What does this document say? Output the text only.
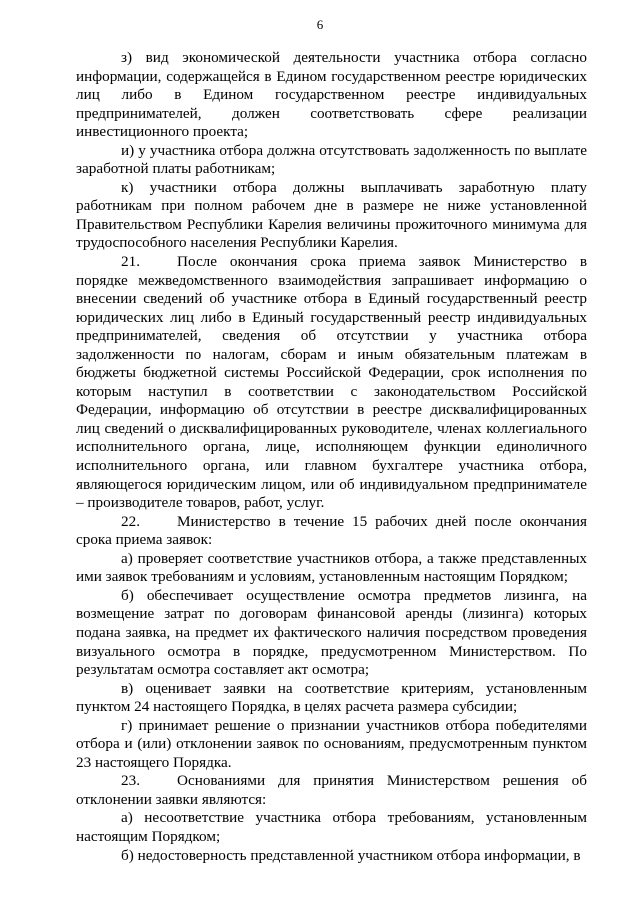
6

з) вид экономической деятельности участника отбора согласно информации, содержащейся в Едином государственном реестре юридических лиц либо в Едином государственном реестре индивидуальных предпринимателей, должен соответствовать сфере реализации инвестиционного проекта;

и) у участника отбора должна отсутствовать задолженность по выплате заработной платы работникам;

к) участники отбора должны выплачивать заработную плату работникам при полном рабочем дне в размере не ниже установленной Правительством Республики Карелия величины прожиточного минимума для трудоспособного населения Республики Карелия.

21. После окончания срока приема заявок Министерство в порядке межведомственного взаимодействия запрашивает информацию о внесении сведений об участнике отбора в Единый государственный реестр юридических лиц либо в Единый государственный реестр индивидуальных предпринимателей, сведения об отсутствии у участника отбора задолженности по налогам, сборам и иным обязательным платежам в бюджеты бюджетной системы Российской Федерации, срок исполнения по которым наступил в соответствии с законодательством Российской Федерации, информацию об отсутствии в реестре дисквалифицированных лиц сведений о дисквалифицированных руководителе, членах коллегиального исполнительного органа, лице, исполняющем функции единоличного исполнительного органа, или главном бухгалтере участника отбора, являющегося юридическим лицом, или об индивидуальном предпринимателе – производителе товаров, работ, услуг.

22. Министерство в течение 15 рабочих дней после окончания срока приема заявок:

а) проверяет соответствие участников отбора, а также представленных ими заявок требованиям и условиям, установленным настоящим Порядком;

б) обеспечивает осуществление осмотра предметов лизинга, на возмещение затрат по договорам финансовой аренды (лизинга) которых подана заявка, на предмет их фактического наличия посредством проведения визуального осмотра в порядке, предусмотренном Министерством. По результатам осмотра составляет акт осмотра;

в) оценивает заявки на соответствие критериям, установленным пунктом 24 настоящего Порядка, в целях расчета размера субсидии;

г) принимает решение о признании участников отбора победителями отбора и (или) отклонении заявок по основаниям, предусмотренным пунктом 23 настоящего Порядка.

23. Основаниями для принятия Министерством решения об отклонении заявки являются:

а) несоответствие участника отбора требованиям, установленным настоящим Порядком;

б) недостоверность представленной участником отбора информации, в
